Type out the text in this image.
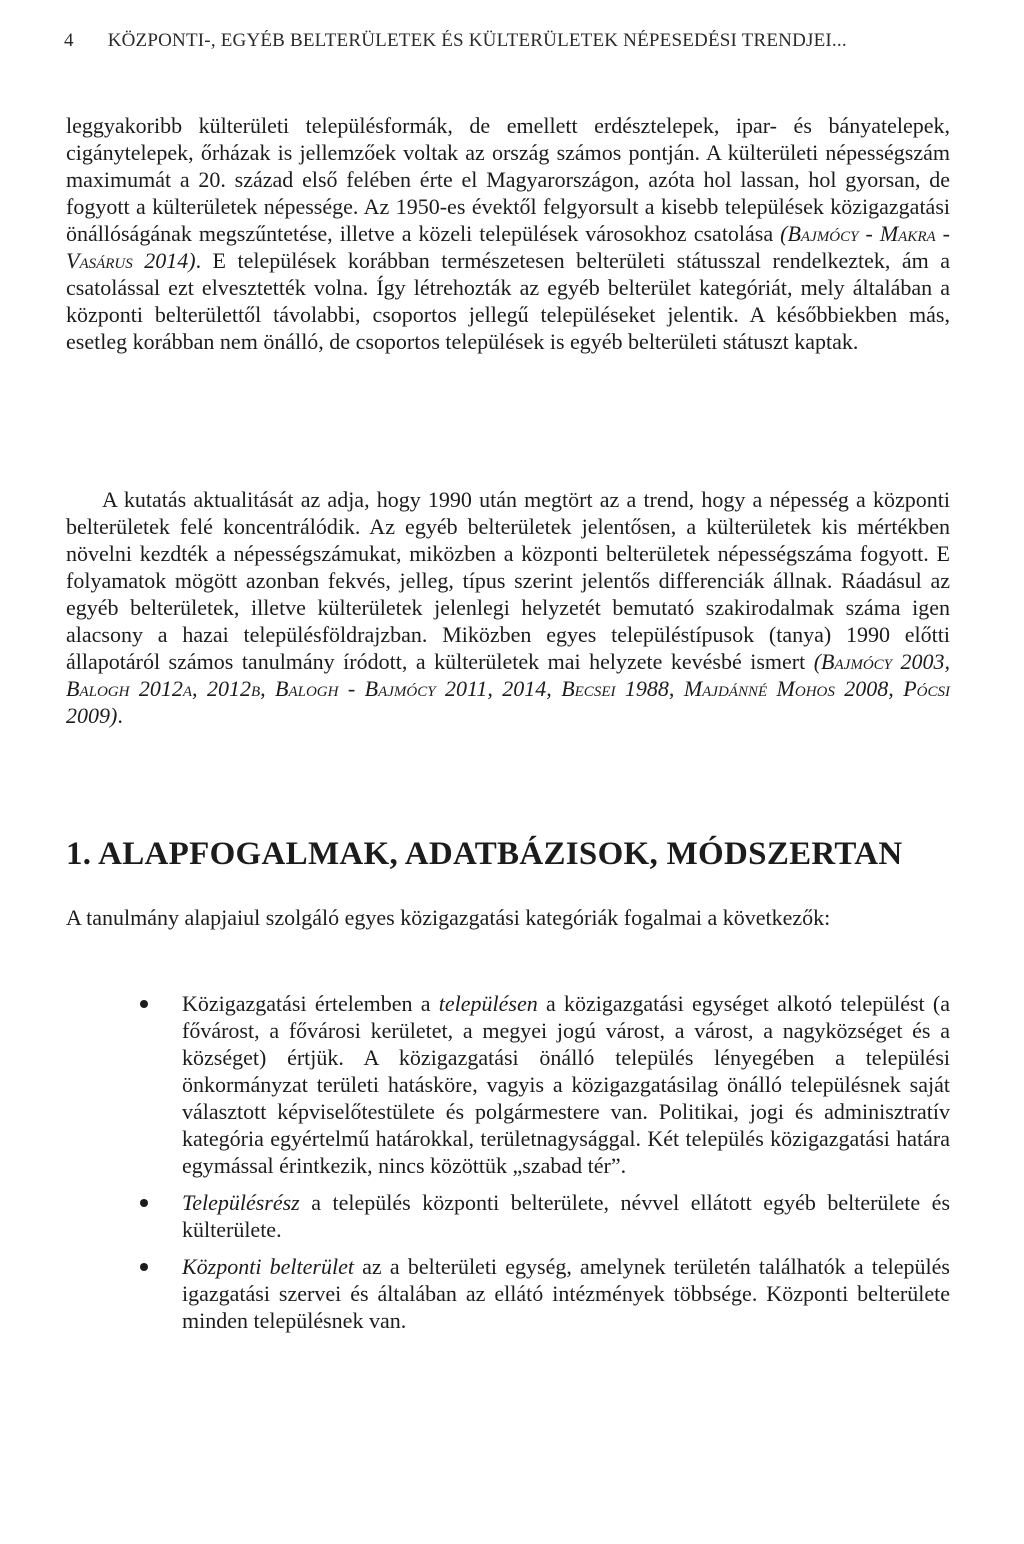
4 KÖZPONTI-, EGYÉB BELTERÜLETEK ÉS KÜLTERÜLETEK NÉPESEDÉSI TRENDJEI...

leggyakoribb külterületi településformák, de emellett erdésztelepek, ipar- és bányatelepek, cigánytelepek, őrházak is jellemzőek voltak az ország számos pontján. A külterületi népességszám maximumát a 20. század első felében érte el Magyarországon, azóta hol lassan, hol gyorsan, de fogyott a külterületek népessége. Az 1950-es évektől felgyorsult a kisebb települések közigazgatási önállóságának megszűntetése, illetve a közeli települések városokhoz csatolása (Bajmócy - Makra - Vasárus 2014). E települések korábban természetesen belterületi státusszal rendelkeztek, ám a csatolással ezt elvesztették volna. Így létrehozták az egyéb belterület kategóriát, mely általában a központi belterülettől távolabbi, csoportos jellegű településeket jelentik. A későbbiekben más, esetleg korábban nem önálló, de csoportos települések is egyéb belterületi státuszt kaptak.

A kutatás aktualitását az adja, hogy 1990 után megtört az a trend, hogy a népesség a központi belterületek felé koncentrálódik. Az egyéb belterületek jelentősen, a külterületek kis mértékben növelni kezdték a népességszámukat, miközben a központi belterületek népességszáma fogyott. E folyamatok mögött azonban fekvés, jelleg, típus szerint jelentős differenciák állnak. Ráadásul az egyéb belterületek, illetve külterületek jelenlegi helyzetét bemutató szakirodalmak száma igen alacsony a hazai településföldrajzban. Miközben egyes településtípusok (tanya) 1990 előtti állapotáról számos tanulmány íródott, a külterületek mai helyzete kevésbé ismert (Bajmócy 2003, Balogh 2012a, 2012b, Balogh - Bajmócy 2011, 2014, Becsei 1988, Majdánné Mohos 2008, Pócsi 2009).

1. ALAPFOGALMAK, ADATBÁZISOK, MÓDSZERTAN

A tanulmány alapjaiul szolgáló egyes közigazgatási kategóriák fogalmai a következők:

Közigazgatási értelemben a településen a közigazgatási egységet alkotó települést (a fővárost, a fővárosi kerületet, a megyei jogú várost, a várost, a nagyközséget és a községet) értjük. A közigazgatási önálló település lényegében a települési önkormányzat területi hatásköre, vagyis a közigazgatásilag önálló településnek saját választott képviselőtestülete és polgármestere van. Politikai, jogi és adminisztratív kategória egyértelmű határokkal, területnagysággal. Két település közigazgatási határa egymással érintkezik, nincs közöttük „szabad tér”.
Településrész a település központi belterülete, névvel ellátott egyéb belterülete és külterülete.
Központi belterület az a belterületi egység, amelynek területén találhatók a település igazgatási szervei és általában az ellátó intézmények többsége. Központi belterülete minden településnek van.
